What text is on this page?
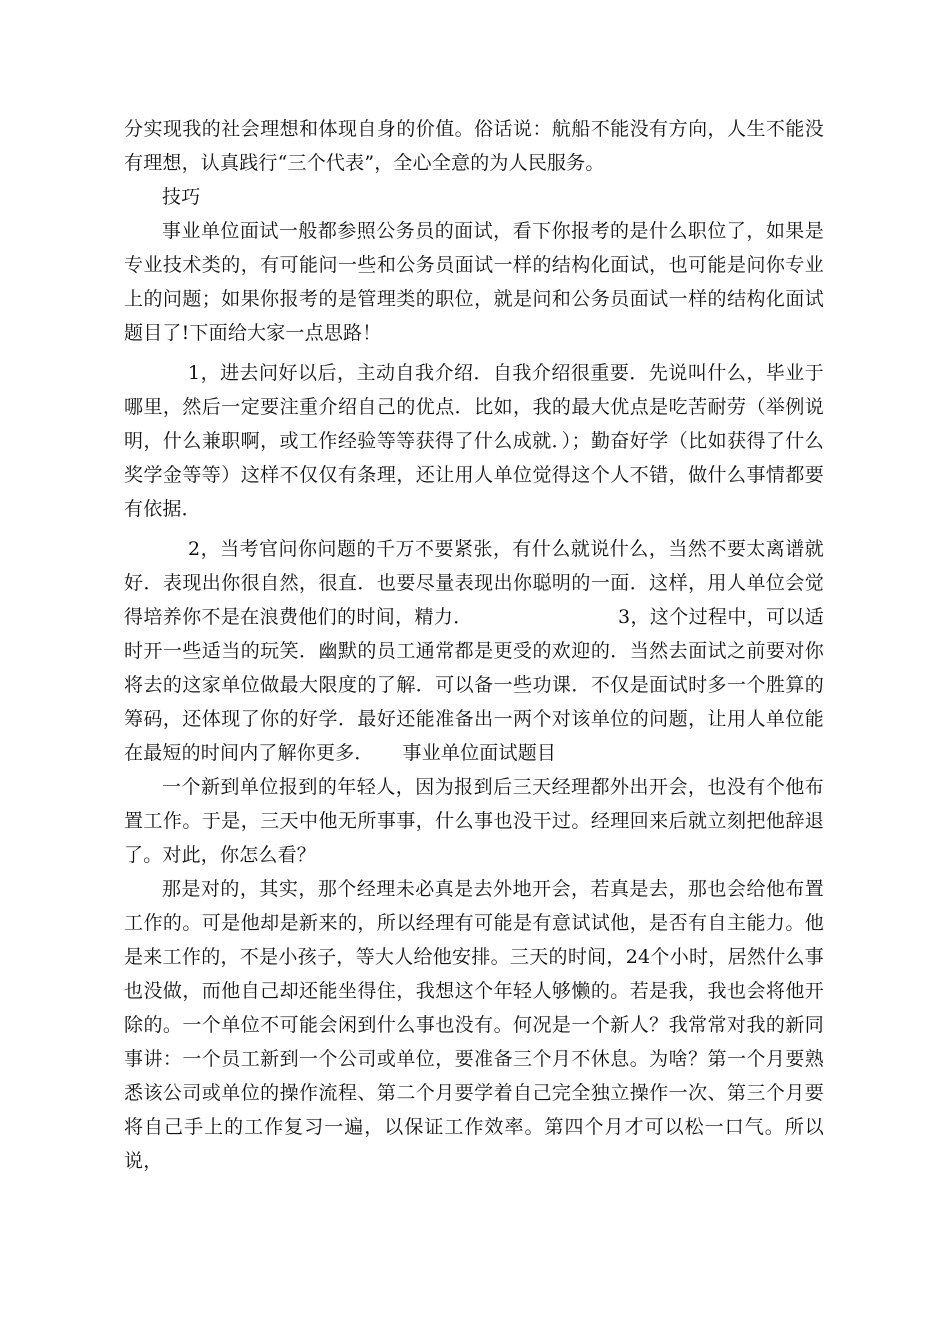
分实现我的社会理想和体现自身的价值。俗话说：航船不能没有方向，人生不能没有理想，认真践行“三个代表”，全心全意的为人民服务。

技巧

事业单位面试一般都参照公务员的面试，看下你报考的是什么职位了，如果是专业技术类的，有可能问一些和公务员面试一样的结构化面试，也可能是问你专业上的问题；如果你报考的是管理类的职位，就是问和公务员面试一样的结构化面试题目了!下面给大家一点思路！

1，进去问好以后，主动自我介绍．自我介绍很重要．先说叫什么，毕业于哪里，然后一定要注重介绍自己的优点．比如，我的最大优点是吃苦耐劳（举例说明，什么兼职啊，或工作经验等等获得了什么成就．）；勤奋好学（比如获得了什么奖学金等等）这样不仅仅有条理，还让用人单位觉得这个人不错，做什么事情都要有依据．

2，当考官问你问题的千万不要紧张，有什么就说什么，当然不要太离谱就好．表现出你很自然，很直．也要尽量表现出你聪明的一面．这样，用人单位会觉得培养你不是在浪费他们的时间，精力．　　　　　　　　3，这个过程中，可以适时开一些适当的玩笑．幽默的员工通常都是更受的欢迎的．当然去面试之前要对你将去的这家单位做最大限度的了解．可以备一些功课．不仅是面试时多一个胜算的筹码，还体现了你的好学．最好还能准备出一两个对该单位的问题，让用人单位能在最短的时间内了解你更多．　　事业单位面试题目

一个新到单位报到的年轻人，因为报到后三天经理都外出开会，也没有个他布置工作。于是，三天中他无所事事，什么事也没干过。经理回来后就立刻把他辞退了。对此，你怎么看？

那是对的，其实，那个经理未必真是去外地开会，若真是去，那也会给他布置工作的。可是他却是新来的，所以经理有可能是有意试试他，是否有自主能力。他是来工作的，不是小孩子，等大人给他安排。三天的时间，24个小时，居然什么事也没做，而他自己却还能坐得住，我想这个年轻人够懒的。若是我，我也会将他开除的。一个单位不可能会闲到什么事也没有。何况是一个新人？我常常对我的新同事讲：一个员工新到一个公司或单位，要准备三个月不休息。为啥？第一个月要熟悉该公司或单位的操作流程、第二个月要学着自己完全独立操作一次、第三个月要将自己手上的工作复习一遍，以保证工作效率。第四个月才可以松一口气。所以说，
